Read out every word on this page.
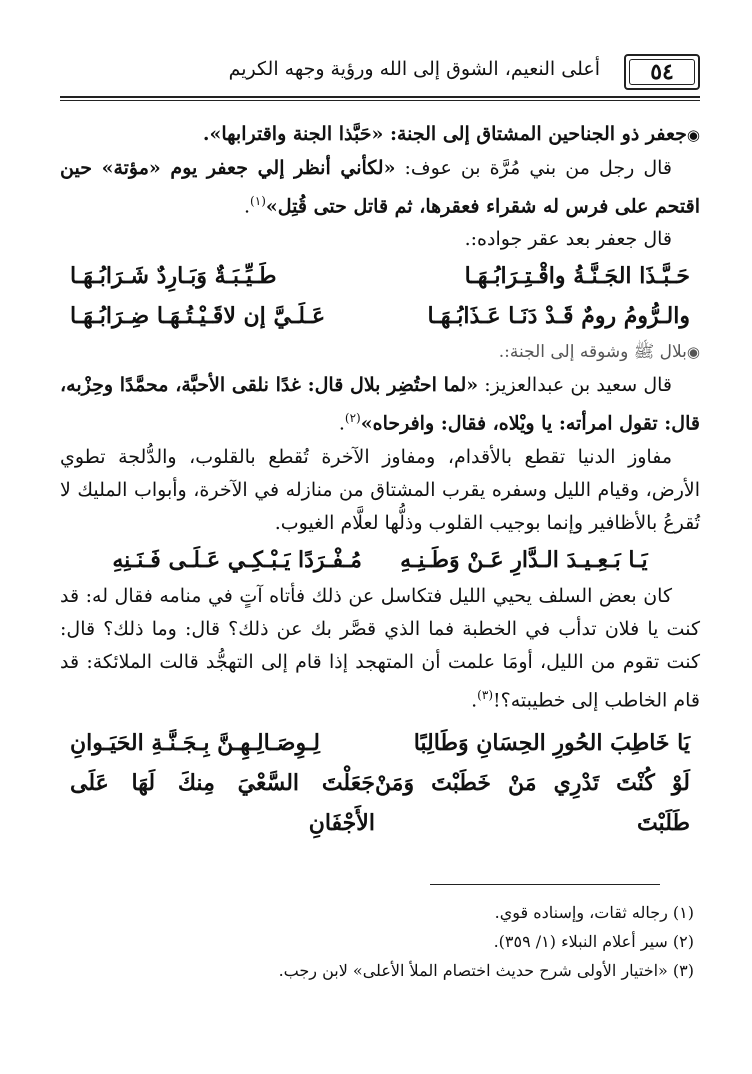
٥٤
أعلى النعيم، الشوق إلى الله ورؤية وجهه الكريم

◉ جعفر ذو الجناحين المشتاق إلى الجنة: «حَبَّذا الجنة واقترابها».

قال رجل من بني مُرَّة بن عوف: «لكأني أنظر إلي جعفر يوم «مؤتة» حين اقتحم على فرس له شقراء فعقرها، ثم قاتل حتى قُتِل»$^{(١)}$.

قال جعفر بعد عقر جواده:.

حَـبَّـذَا الجَـنَّـةُ واقْـتِـرَابُـهَـا
طَـيِّـبَـةٌ وَبَـارِدٌ شَـرَابُـهَـا
والـرُّومُ رومٌ قَـدْ دَنَـا عَـذَابُـهَـا
عَـلَـيَّ إن لاقَـيْـتُـهَـا ضِـرَابُـهَـا

◉ بلال ﷺ وشوقه إلى الجنة:.

قال سعيد بن عبدالعزيز: «لما احتُضِر بلال قال: غدًا نلقى الأحبَّة، محمَّدًا وحِزْبه، قال: تقول امرأته: يا ويْلاه، فقال: وافرحاه»$^{(٢)}$.

مفاوز الدنيا تقطع بالأقدام، ومفاوز الآخرة تُقطع بالقلوب، والدُّلجة تطوي الأرض، وقيام الليل وسفره يقرب المشتاق من منازله في الآخرة، وأبواب المليك لا تُقرعُ بالأظافير وإنما بوجيب القلوب وذلُّها لعلَّام الغيوب.

يَـا بَـعِـيـدَ الـدَّارِ عَـنْ وَطَـنِـهِ     مُـفْـرَدًا يَـبْـكِـي عَـلَـى فَـنَـنِهِ

كان بعض السلف يحيي الليل فتكاسل عن ذلك فأتاه آتٍ في منامه فقال له: قد كنت يا فلان تدأب في الخطبة فما الذي قصَّر بك عن ذلك؟ قال: وما ذلك؟ قال: كنت تقوم من الليل، أومَا علمت أن المتهجد إذا قام إلى التهجُّد قالت الملائكة: قد قام الخاطب إلى خطيبته؟!$^{(٣)}$.

يَا خَاطِبَ الحُورِ الحِسَانِ وَطَالِبًا
لِـوِصَـالِـهِـنَّ بِـجَـنَّـةِ الحَيَـوانِ
لَوْ كُنْتَ تَدْرِي مَنْ خَطَبْتَ وَمَنْ طَلَبْتَ
جَعَلْتَ السَّعْيَ مِنكَ لَهَا عَلَى الأَجْفَانِ
(١) رجاله ثقات، وإسناده قوي.
(٢) سير أعلام النبلاء (١/ ٣٥٩).
(٣) «اختيار الأولى شرح حديث اختصام الملأ الأعلى» لابن رجب.
